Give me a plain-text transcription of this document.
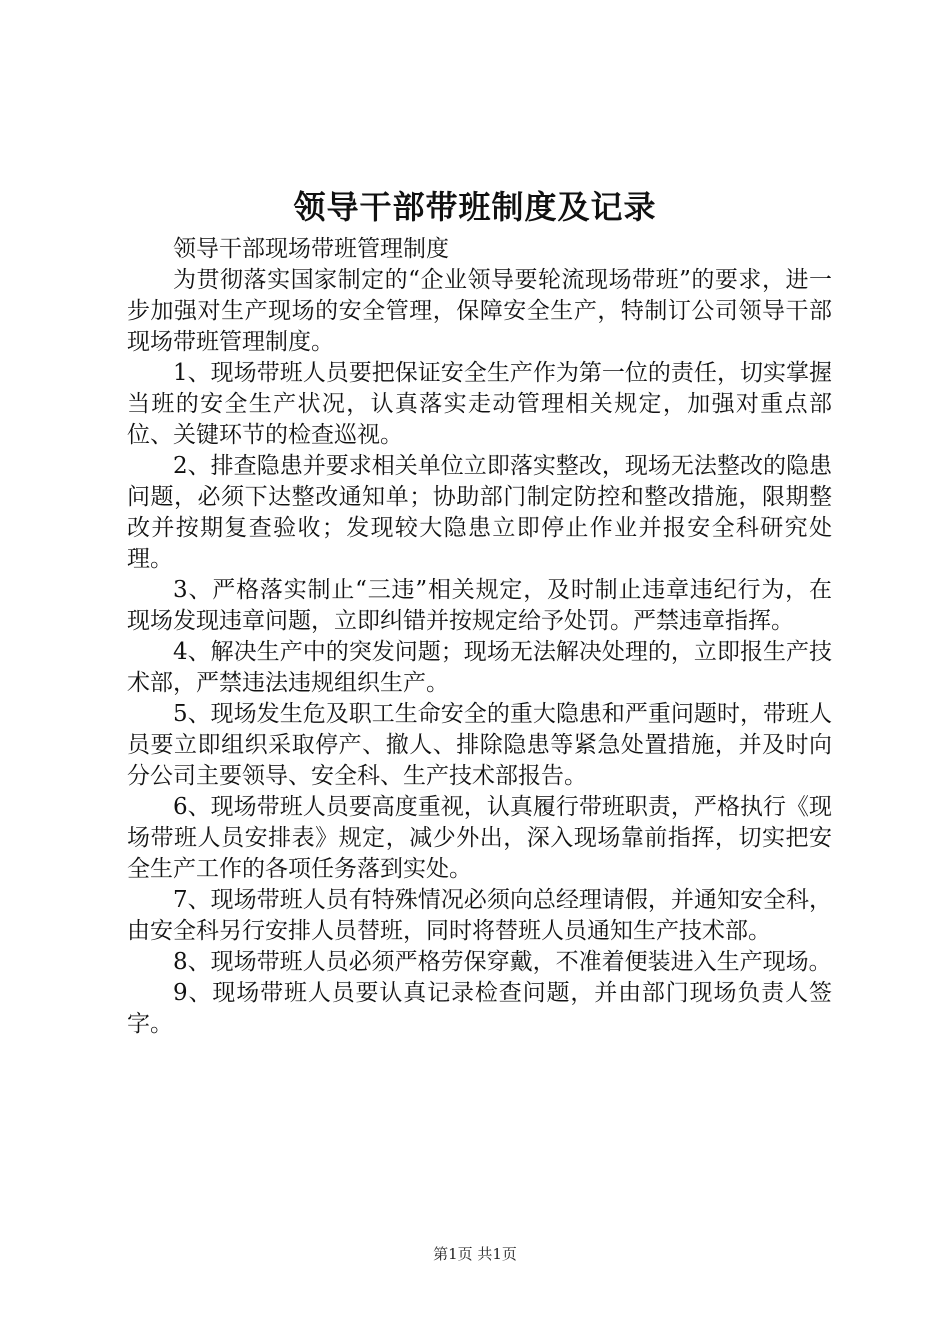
领导干部带班制度及记录

领导干部现场带班管理制度

为贯彻落实国家制定的“企业领导要轮流现场带班”的要求，进一步加强对生产现场的安全管理，保障安全生产，特制订公司领导干部现场带班管理制度。

1、现场带班人员要把保证安全生产作为第一位的责任，切实掌握当班的安全生产状况，认真落实走动管理相关规定，加强对重点部位、关键环节的检查巡视。

2、排查隐患并要求相关单位立即落实整改，现场无法整改的隐患问题，必须下达整改通知单；协助部门制定防控和整改措施，限期整改并按期复查验收；发现较大隐患立即停止作业并报安全科研究处理。

3、严格落实制止“三违”相关规定，及时制止违章违纪行为，在现场发现违章问题，立即纠错并按规定给予处罚。严禁违章指挥。

4、解决生产中的突发问题；现场无法解决处理的，立即报生产技术部，严禁违法违规组织生产。

5、现场发生危及职工生命安全的重大隐患和严重问题时，带班人员要立即组织采取停产、撤人、排除隐患等紧急处置措施，并及时向分公司主要领导、安全科、生产技术部报告。

6、现场带班人员要高度重视，认真履行带班职责，严格执行《现场带班人员安排表》规定，减少外出，深入现场靠前指挥，切实把安全生产工作的各项任务落到实处。

7、现场带班人员有特殊情况必须向总经理请假，并通知安全科，由安全科另行安排人员替班，同时将替班人员通知生产技术部。

8、现场带班人员必须严格劳保穿戴，不准着便装进入生产现场。

9、现场带班人员要认真记录检查问题，并由部门现场负责人签字。

第1页 共1页
